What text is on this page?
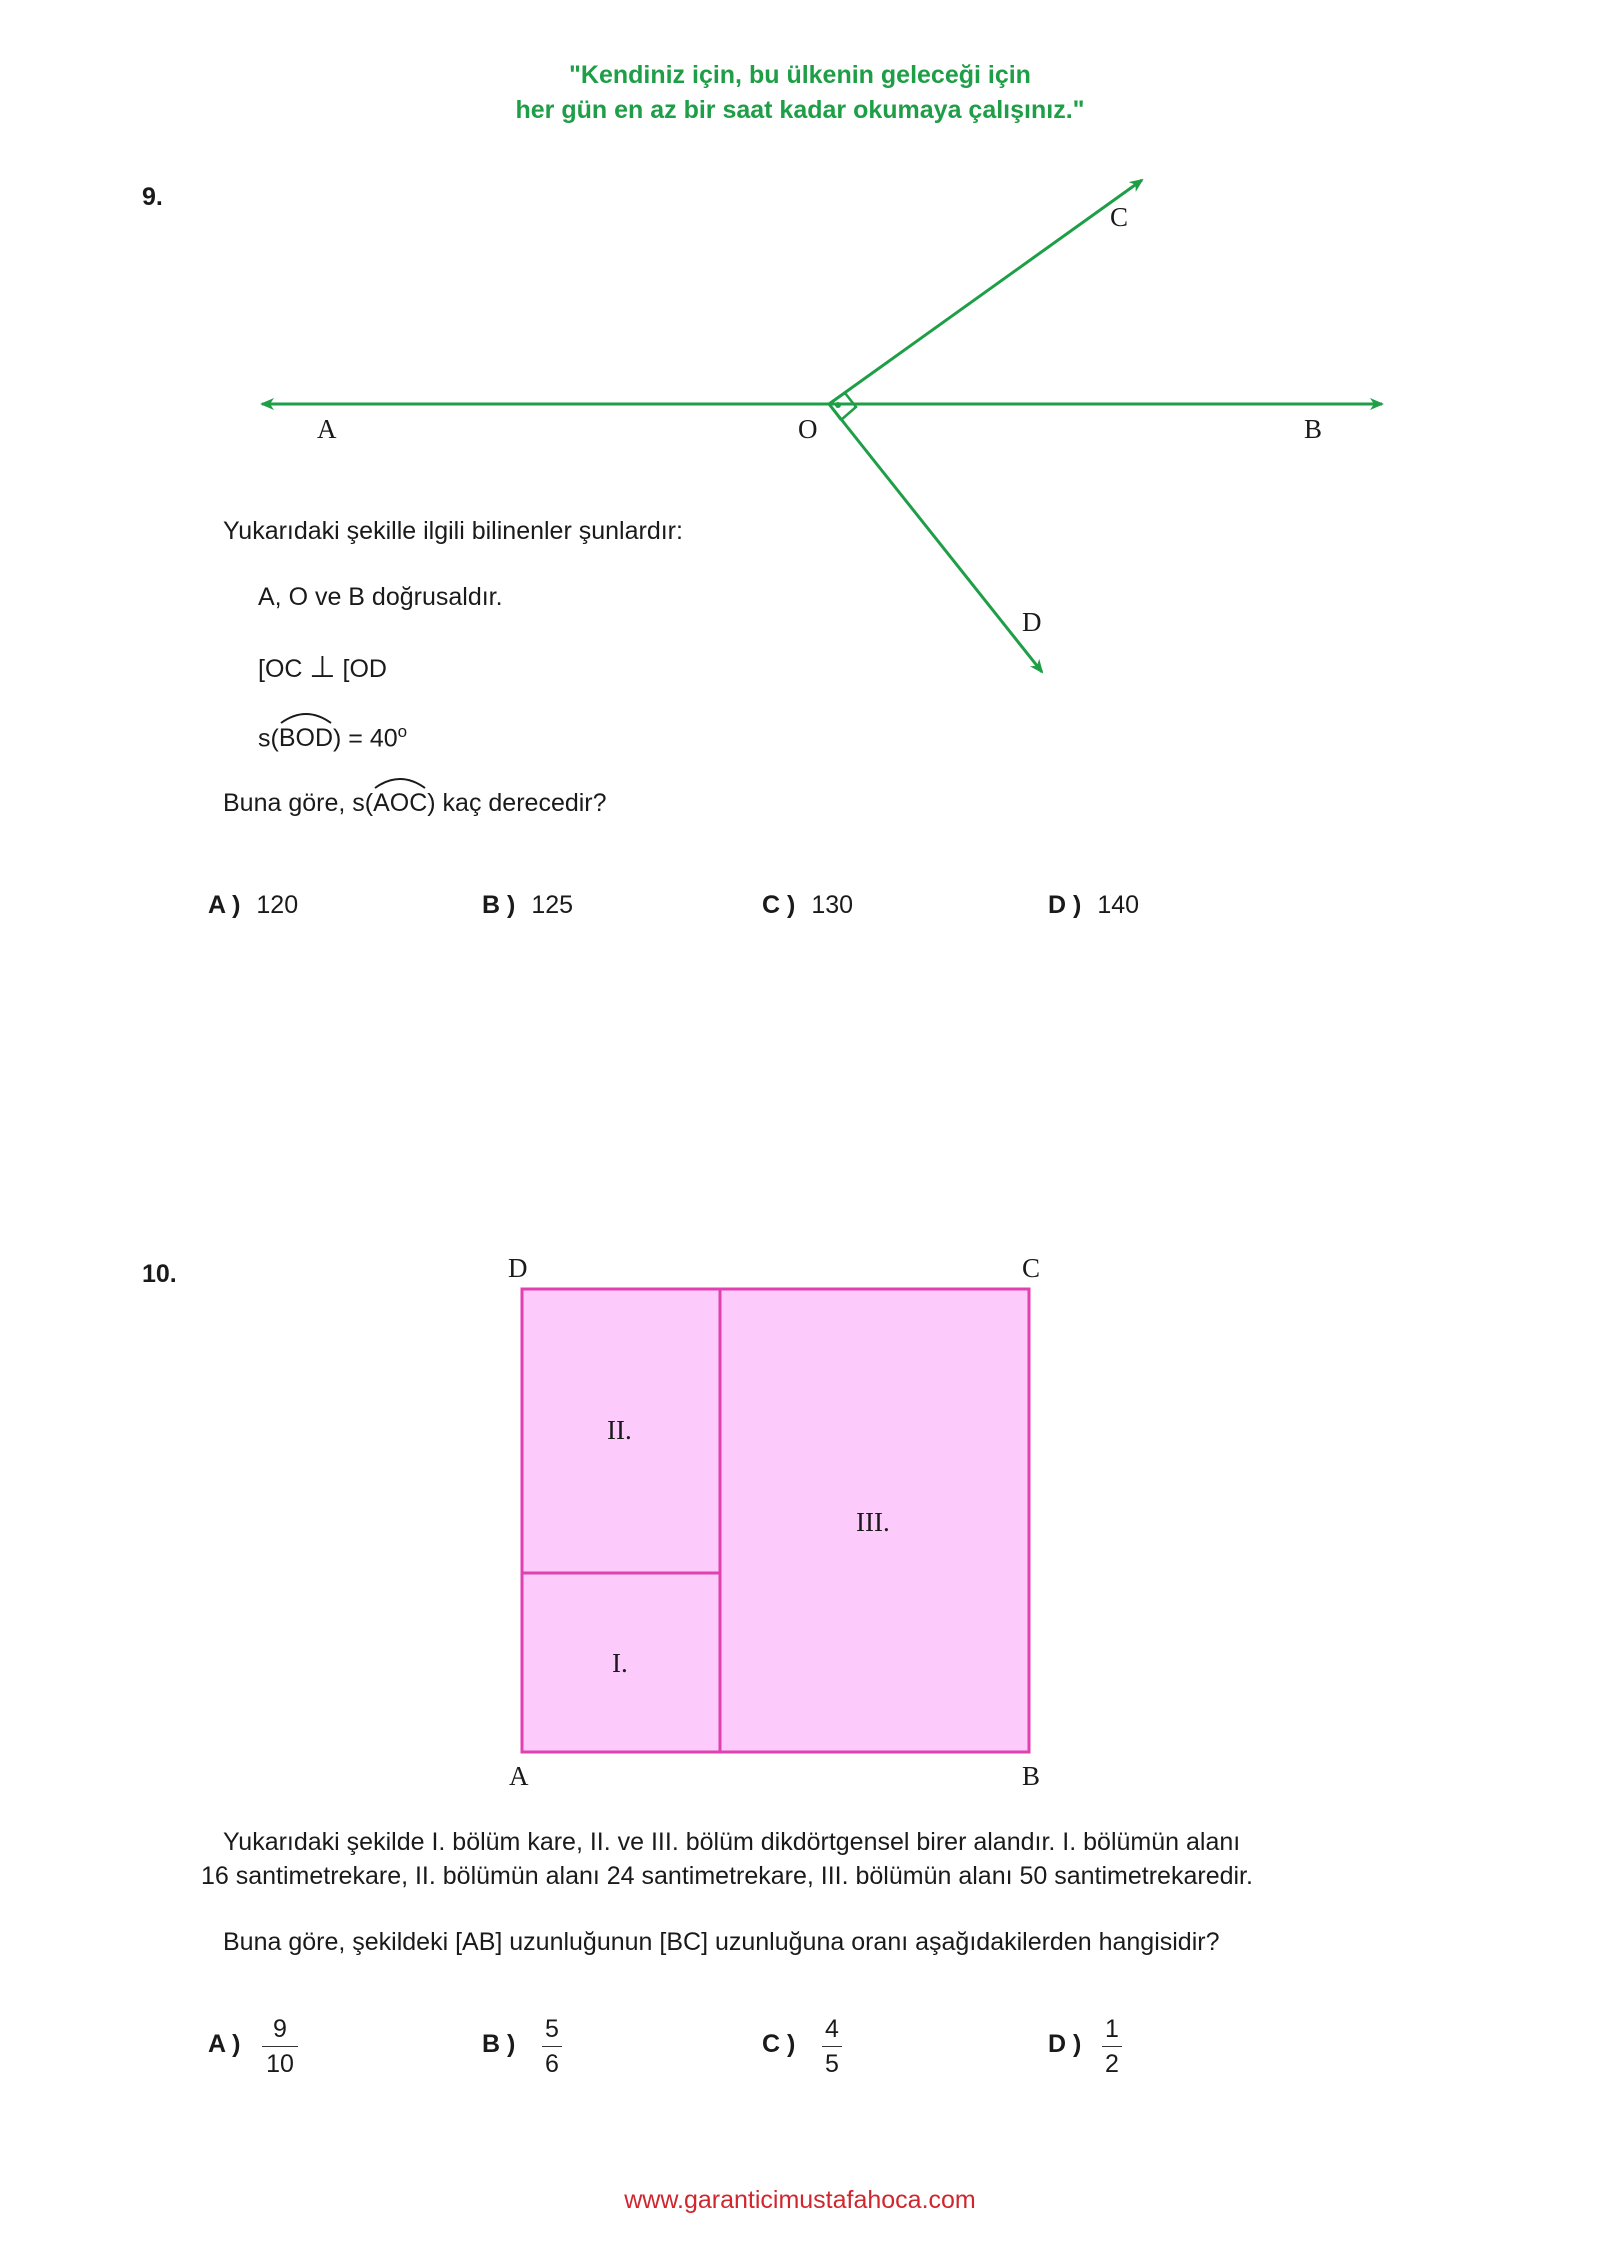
"Kendiniz için, bu ülkenin geleceği için
her gün en az bir saat kadar okumaya çalışınız."
9.
A	O	B
C
D
Yukarıdaki şekille ilgili bilinenler şunlardır:
A, O ve B doğrusaldır.
[OC ⊥ [OD
s(
$BOD) = 40^o$
Buna göre, s(
AOC) kaç derecedir?
A ) 120	B ) 125	C ) 130	D ) 140
10.	D	C
A	B
II.
I.
III.
Yukarıdaki şekilde I. bölüm kare, II. ve III. bölüm dikdörtgensel birer alandır. I. bölümün alanı
16 santimetrekare, II. bölümün alanı 24 santimetrekare, III. bölümün alanı 50 santimetrekaredir.
Buna göre, şekildeki [AB] uzunluğunun [BC] uzunluğuna oranı aşağıdakilerden hangisidir?
A )
9
10
B )
5
6
C )
4
5
D )
1
2
www.garanticimustafahoca.com
